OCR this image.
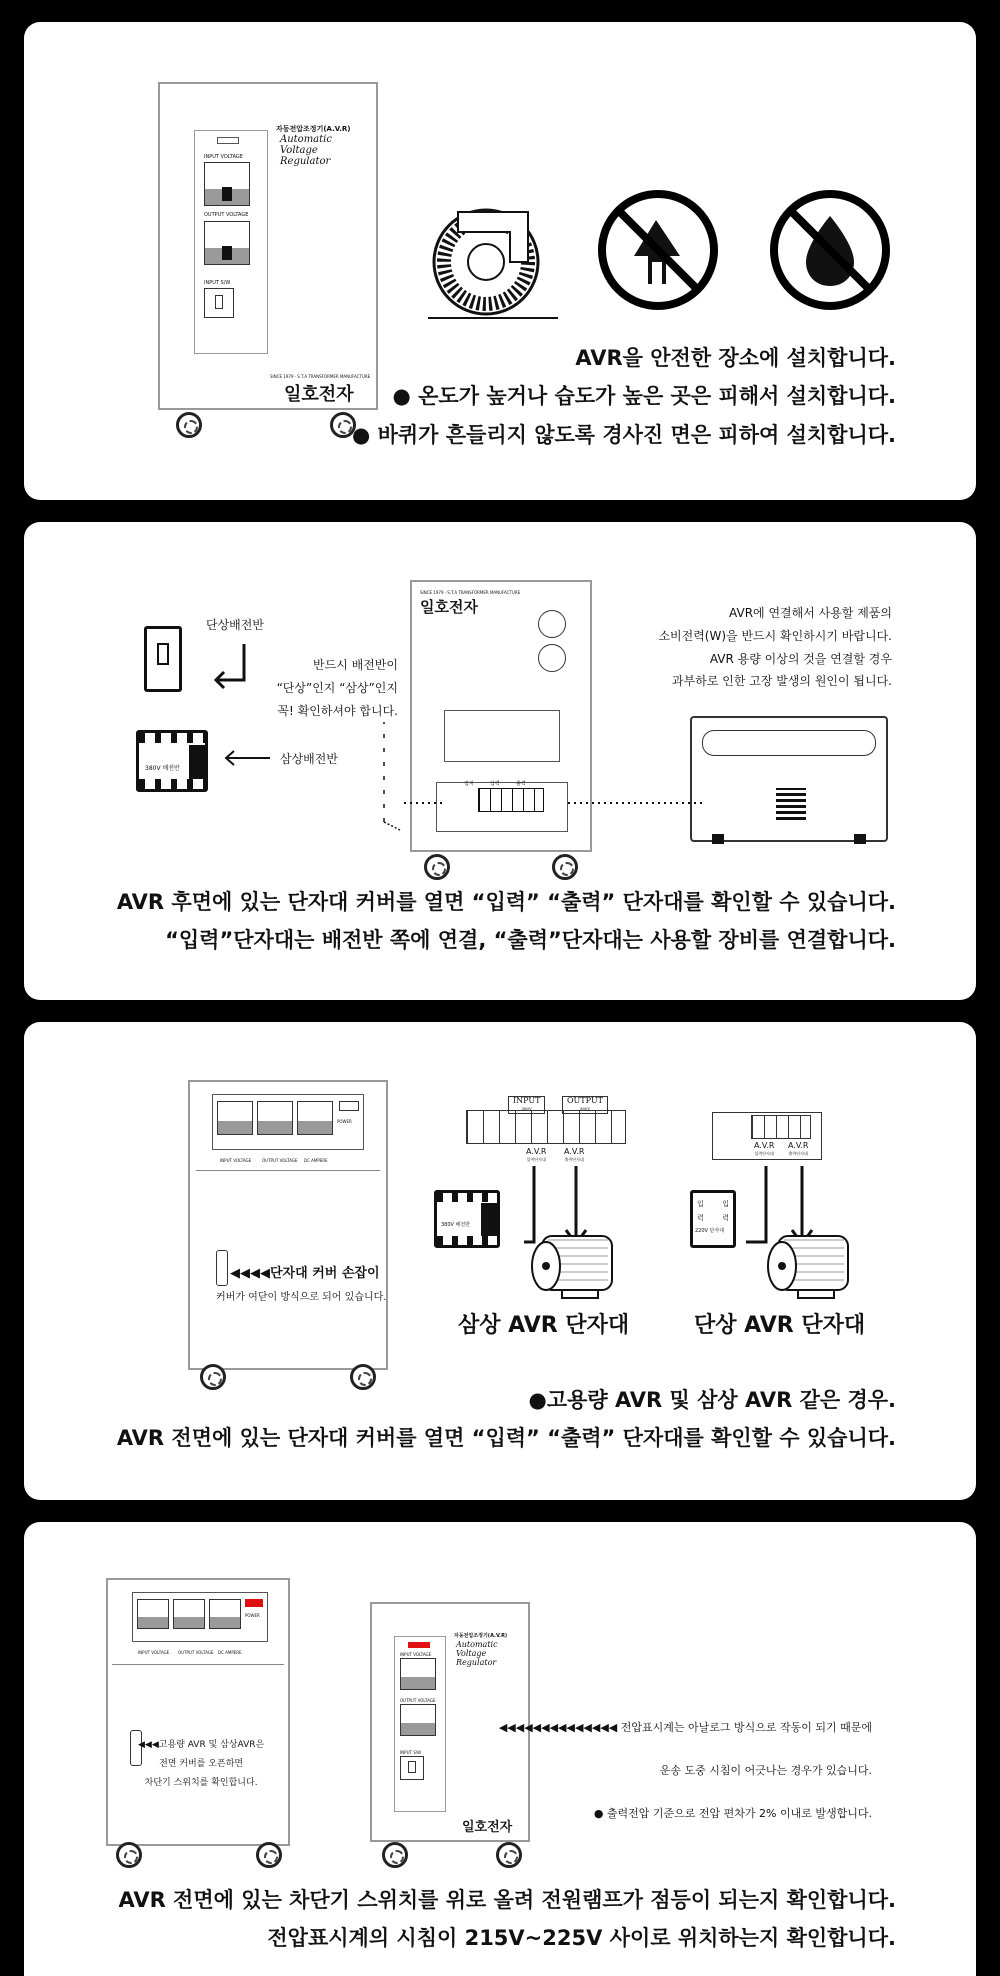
자동전압조정기(A.V.R)
Automatic
Voltage
Regulator
INPUT VOLTAGE
OUTPUT VOLTAGE
INPUT S/W
일호전자
SINCE 1979 · S.T.A TRANSFORMER MANUFACTURE
AVR을 안전한 장소에 설치합니다.
● 온도가 높거나 습도가 높은 곳은 피해서 설치합니다.
● 바퀴가 흔들리지 않도록 경사진 면은 피하여 설치합니다.
단상배전반
380V 배전반
삼상배전반
반드시 배전반이
“단상”인지 “삼상”인지
꼭! 확인하셔야 합니다.
일호전자
SINCE 1979 · S.T.A TRANSFORMER MANUFACTURE
접지	입력	출력
AVR에 연결해서 사용할 제품의
소비전력(W)을 반드시 확인하시기 바랍니다.
AVR 용량 이상의 것을 연결할 경우
과부하로 인한 고장 발생의 원인이 됩니다.
AVR 후면에 있는 단자대 커버를 열면 “입력” “출력” 단자대를 확인할 수 있습니다.
“입력”단자대는 배전반 쪽에 연결, “출력”단자대는 사용할 장비를 연결합니다.
POWER
INPUT VOLTAGE	OUTPUT VOLTAGE DC AMPERE
◀◀◀◀단자대 커버 손잡이
커버가 여닫이 방식으로 되어 있습니다.
INPUT
380V
OUTPUT
380V
A.V.R
입력단자대
A.V.R
출력단자대
380V 배전반
삼상 AVR 단자대
A.V.R
입력단자대
A.V.R
출력단자대
입	입
력	력
220V 단자대
단상 AVR 단자대
●고용량 AVR 및 삼상 AVR 같은 경우.
AVR 전면에 있는 단자대 커버를 열면 “입력” “출력” 단자대를 확인할 수 있습니다.
POWER
INPUT VOLTAGE OUTPUT VOLTAGE DC AMPERE
◀◀◀고용량 AVR 및 삼상AVR은
전면 커버를 오픈하면
차단기 스위치를 확인합니다.
자동전압조정기(A.V.R)
Automatic
Voltage
Regulator
INPUT VOLTAGE
OUTPUT VOLTAGE
INPUT S/W
일호전자
◀◀◀◀◀◀◀◀◀◀◀◀◀◀ 전압표시계는 아날로그 방식으로 작동이 되기 때문에
운송 도중 시침이 어긋나는 경우가 있습니다.
● 출력전압 기준으로 전압 편차가 2% 이내로 발생합니다.
AVR 전면에 있는 차단기 스위치를 위로 올려 전원램프가 점등이 되는지 확인합니다.
전압표시계의 시침이 215V~225V 사이로 위치하는지 확인합니다.
